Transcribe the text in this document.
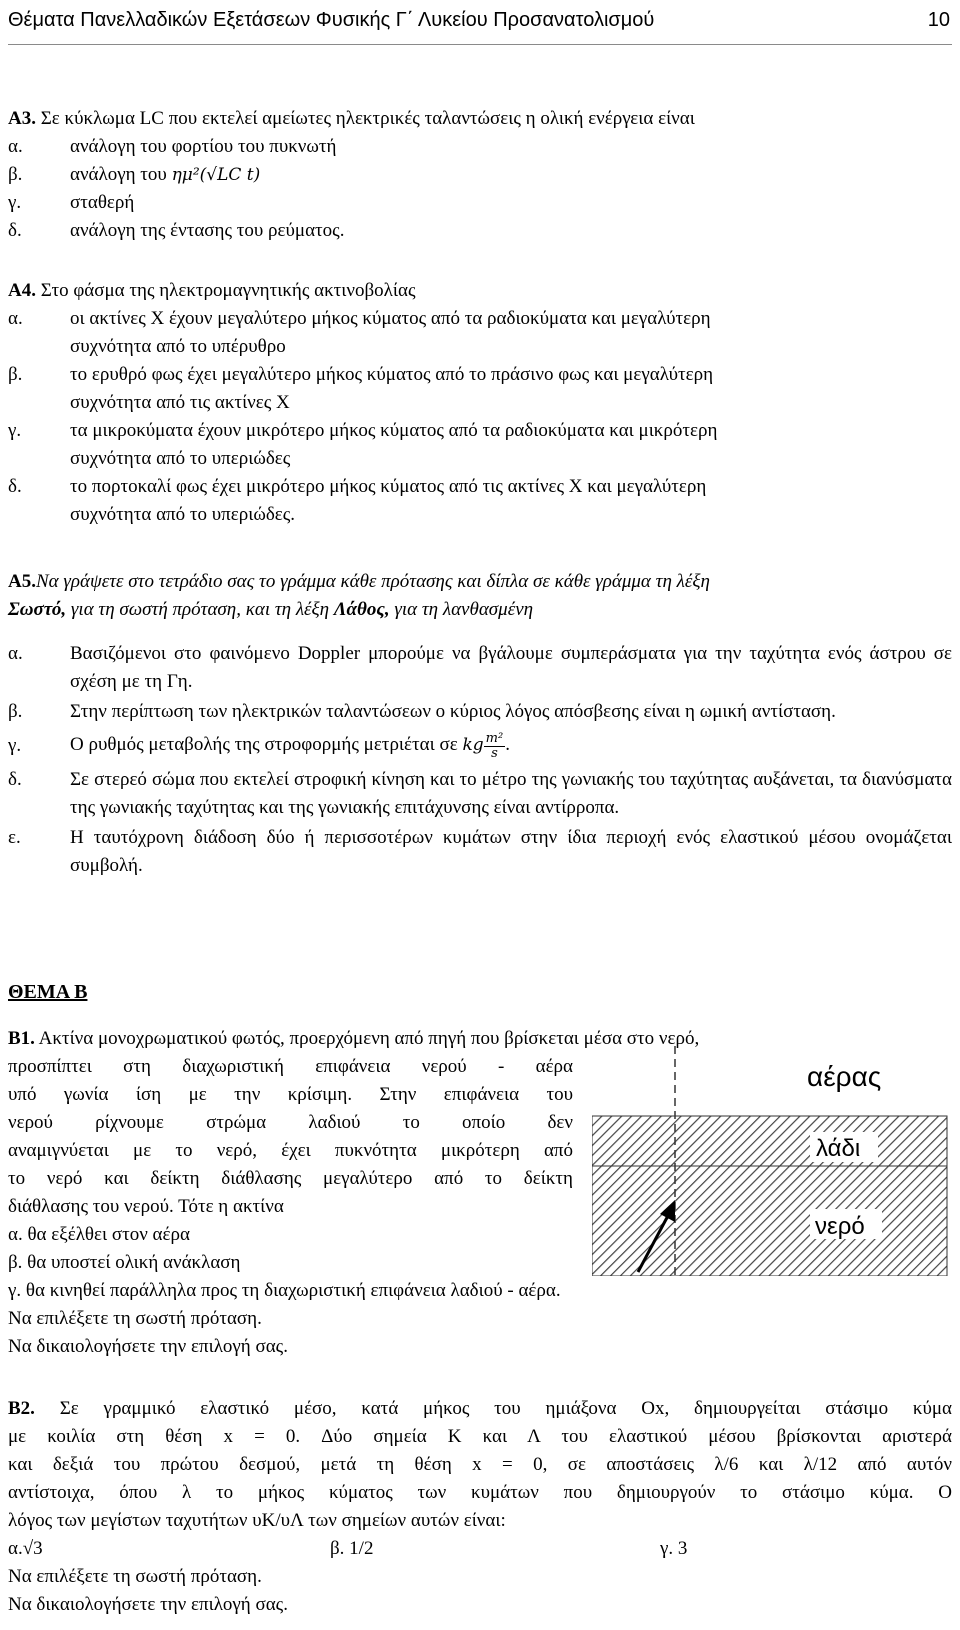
Θέματα Πανελλαδικών Εξετάσεων Φυσικής Γ΄ Λυκείου Προσανατολισμού	10
Α3. Σε κύκλωμα LC που εκτελεί αμείωτες ηλεκτρικές ταλαντώσεις η ολική ενέργεια είναι
α.	ανάλογη του φορτίου του πυκνωτή
β.	ανάλογη του ημ²(√LC t)
γ.	σταθερή
δ.	ανάλογη της έντασης του ρεύματος.
Α4. Στο φάσμα της ηλεκτρομαγνητικής ακτινοβολίας
α.	οι ακτίνες Χ έχουν μεγαλύτερο μήκος κύματος από τα ραδιοκύματα και μεγαλύτερη
συχνότητα από το υπέρυθρο
β.	το ερυθρό φως έχει μεγαλύτερο μήκος κύματος από το πράσινο φως και μεγαλύτερη
συχνότητα από τις ακτίνες Χ
γ.	τα μικροκύματα έχουν μικρότερο μήκος κύματος από τα ραδιοκύματα και μικρότερη
συχνότητα από το υπεριώδες
δ.	το πορτοκαλί φως έχει μικρότερο μήκος κύματος από τις ακτίνες Χ και μεγαλύτερη
συχνότητα από το υπεριώδες.
Α5.Να γράψετε στο τετράδιο σας το γράμμα κάθε πρότασης και δίπλα σε κάθε γράμμα τη λέξη
Σωστό, για τη σωστή πρόταση, και τη λέξη Λάθος, για τη λανθασμένη
α.	Βασιζόμενοι στο φαινόμενο Doppler μπορούμε να βγάλουμε συμπεράσματα για την ταχύτητα ενός άστρου σε σχέση με τη Γη.
β.	Στην περίπτωση των ηλεκτρικών ταλαντώσεων ο κύριος λόγος απόσβεσης είναι η ωμική αντίσταση.
γ.	Ο ρυθμός μεταβολής της στροφορμής μετριέται σε kg $\frac{\text{m²}}{s}$ .
δ.	Σε στερεό σώμα που εκτελεί στροφική κίνηση και το μέτρο της γωνιακής του ταχύτητας αυξάνεται, τα διανύσματα της γωνιακής ταχύτητας και της γωνιακής επιτάχυνσης είναι αντίρροπα.
ε.	Η ταυτόχρονη διάδοση δύο ή περισσοτέρων κυμάτων στην ίδια περιοχή ενός ελαστικού μέσου ονομάζεται συμβολή.
ΘΕΜΑ Β
Β1. Ακτίνα μονοχρωματικού φωτός, προερχόμενη από πηγή που βρίσκεται μέσα στο νερό,
προσπίπτει στη διαχωριστική επιφάνεια νερού - αέρα
υπό γωνία ίση με την κρίσιμη. Στην επιφάνεια του
νερού ρίχνουμε στρώμα λαδιού το οποίο δεν
αναμιγνύεται με το νερό, έχει πυκνότητα μικρότερη από
το νερό και δείκτη διάθλασης μεγαλύτερο από το δείκτη
διάθλασης του νερού. Τότε η ακτίνα
α. θα εξέλθει στον αέρα
β. θα υποστεί ολική ανάκλαση
γ. θα κινηθεί παράλληλα προς τη διαχωριστική επιφάνεια λαδιού - αέρα.
Να επιλέξετε τη σωστή πρόταση.
Να δικαιολογήσετε την επιλογή σας.
αέρας
λάδι
νερό
Β2. Σε γραμμικό ελαστικό μέσο, κατά μήκος του ημιάξονα Οx, δημιουργείται στάσιμο κύμα
με κοιλία στη θέση x = 0. Δύο σημεία Κ και Λ του ελαστικού μέσου βρίσκονται αριστερά
και δεξιά του πρώτου δεσμού, μετά τη θέση x = 0, σε αποστάσεις λ/6 και λ/12 από αυτόν
αντίστοιχα, όπου λ το μήκος κύματος των κυμάτων που δημιουργούν το στάσιμο κύμα. Ο
λόγος των μεγίστων ταχυτήτων υΚ/υΛ των σημείων αυτών είναι:
α.√3	β. 1/2	γ. 3
Να επιλέξετε τη σωστή πρόταση.
Να δικαιολογήσετε την επιλογή σας.
